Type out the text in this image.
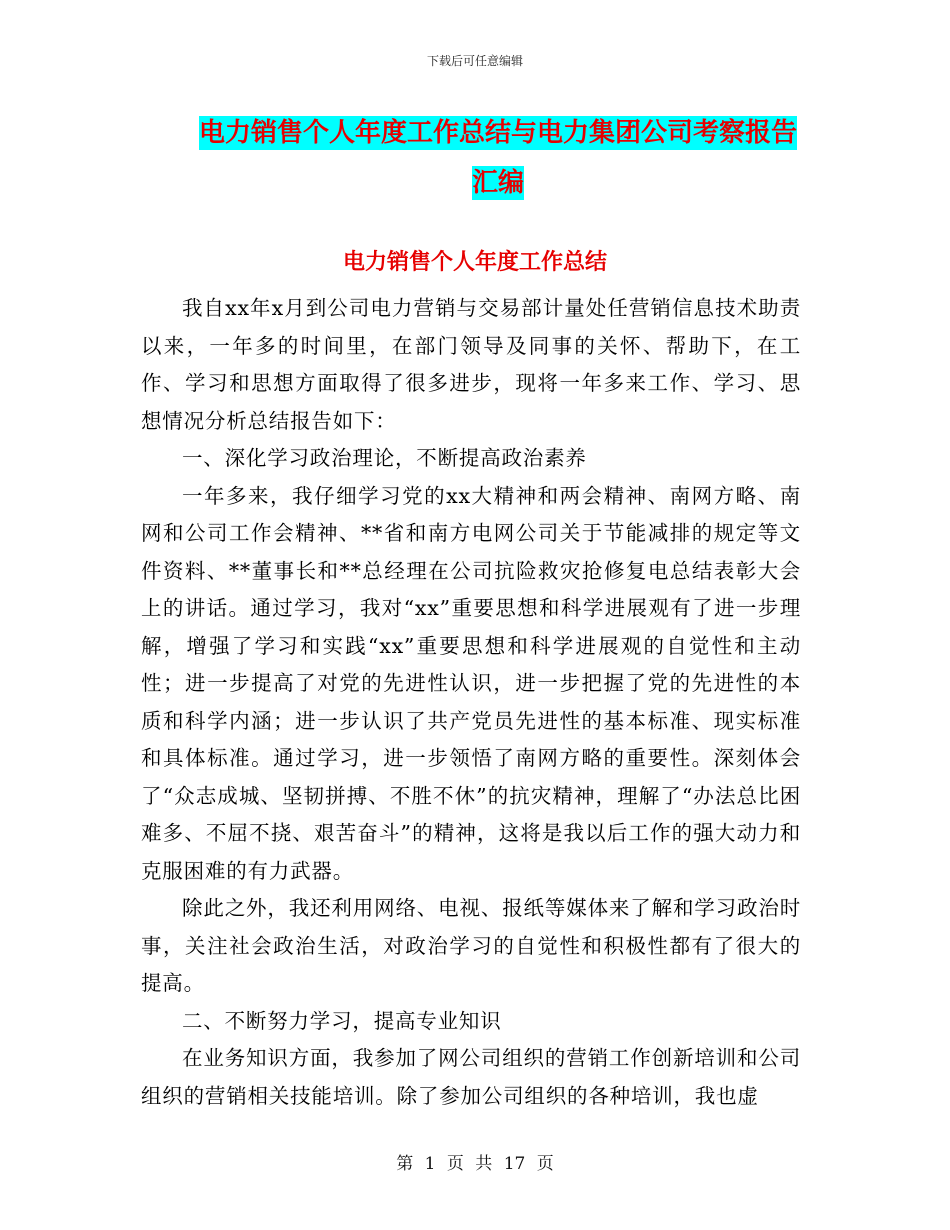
下载后可任意编辑
电力销售个人年度工作总结与电力集团公司考察报告
汇编
电力销售个人年度工作总结

我自xx年x月到公司电力营销与交易部计量处任营销信息技术助责以来，一年多的时间里，在部门领导及同事的关怀、帮助下，在工作、学习和思想方面取得了很多进步，现将一年多来工作、学习、思想情况分析总结报告如下：

一、深化学习政治理论，不断提高政治素养

一年多来，我仔细学习党的xx大精神和两会精神、南网方略、南网和公司工作会精神、**省和南方电网公司关于节能减排的规定等文件资料、**董事长和**总经理在公司抗险救灾抢修复电总结表彰大会上的讲话。通过学习，我对“xx”重要思想和科学进展观有了进一步理解，增强了学习和实践“xx”重要思想和科学进展观的自觉性和主动性；进一步提高了对党的先进性认识，进一步把握了党的先进性的本质和科学内涵；进一步认识了共产党员先进性的基本标准、现实标准和具体标准。通过学习，进一步领悟了南网方略的重要性。深刻体会了“众志成城、坚韧拼搏、不胜不休”的抗灾精神，理解了“办法总比困难多、不屈不挠、艰苦奋斗”的精神，这将是我以后工作的强大动力和克服困难的有力武器。

除此之外，我还利用网络、电视、报纸等媒体来了解和学习政治时事，关注社会政治生活，对政治学习的自觉性和积极性都有了很大的提高。

二、不断努力学习，提高专业知识

在业务知识方面，我参加了网公司组织的营销工作创新培训和公司组织的营销相关技能培训。除了参加公司组织的各种培训，我也虚

第 1 页 共 17 页
